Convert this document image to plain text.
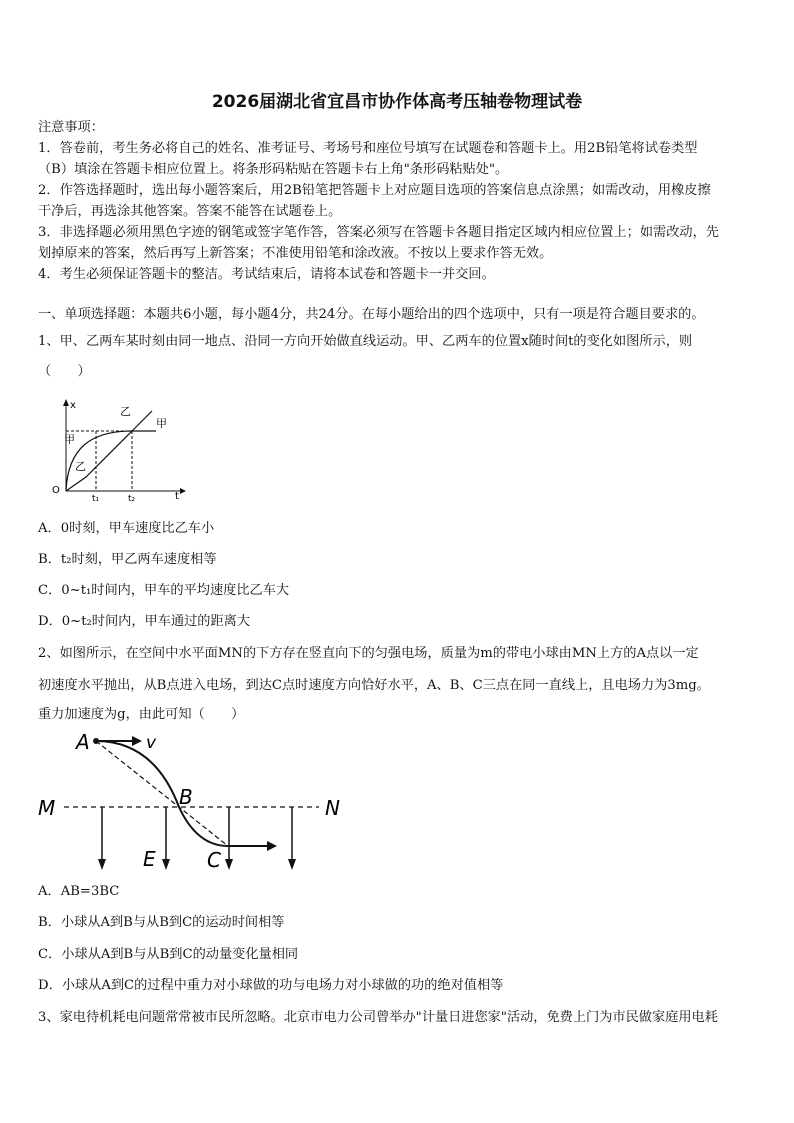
2026届湖北省宜昌市协作体高考压轴卷物理试卷
注意事项：
1．答卷前，考生务必将自己的姓名、准考证号、考场号和座位号填写在试题卷和答题卡上。用2B铅笔将试卷类型
（B）填涂在答题卡相应位置上。将条形码粘贴在答题卡右上角"条形码粘贴处"。
2．作答选择题时，选出每小题答案后，用2B铅笔把答题卡上对应题目选项的答案信息点涂黑；如需改动，用橡皮擦
干净后，再选涂其他答案。答案不能答在试题卷上。
3．非选择题必须用黑色字迹的钢笔或签字笔作答，答案必须写在答题卡各题目指定区域内相应位置上；如需改动，先
划掉原来的答案，然后再写上新答案；不准使用铅笔和涂改液。不按以上要求作答无效。
4．考生必须保证答题卡的整洁。考试结束后，请将本试卷和答题卡一并交回。
一、单项选择题：本题共6小题，每小题4分，共24分。在每小题给出的四个选项中，只有一项是符合题目要求的。
1、甲、乙两车某时刻由同一地点、沿同一方向开始做直线运动。甲、乙两车的位置x随时间t的变化如图所示，则
（　　）
x
甲
乙
乙
甲
O
t₁	t₂	t
A．0时刻，甲车速度比乙车小
B．t₂时刻，甲乙两车速度相等
C．0~t₁时间内，甲车的平均速度比乙车大
D．0~t₂时间内，甲车通过的距离大
2、如图所示，在空间中水平面MN的下方存在竖直向下的匀强电场，质量为m的带电小球由MN上方的A点以一定
初速度水平抛出，从B点进入电场，到达C点时速度方向恰好水平，A、B、C三点在同一直线上，且电场力为3mg。
重力加速度为g，由此可知（　　）
M	N
E
A	v
B
C
A．AB=3BC
B．小球从A到B与从B到C的运动时间相等
C．小球从A到B与从B到C的动量变化量相同
D．小球从A到C的过程中重力对小球做的功与电场力对小球做的功的绝对值相等
3、家电待机耗电问题常常被市民所忽略。北京市电力公司曾举办"计量日进您家"活动，免费上门为市民做家庭用电耗
